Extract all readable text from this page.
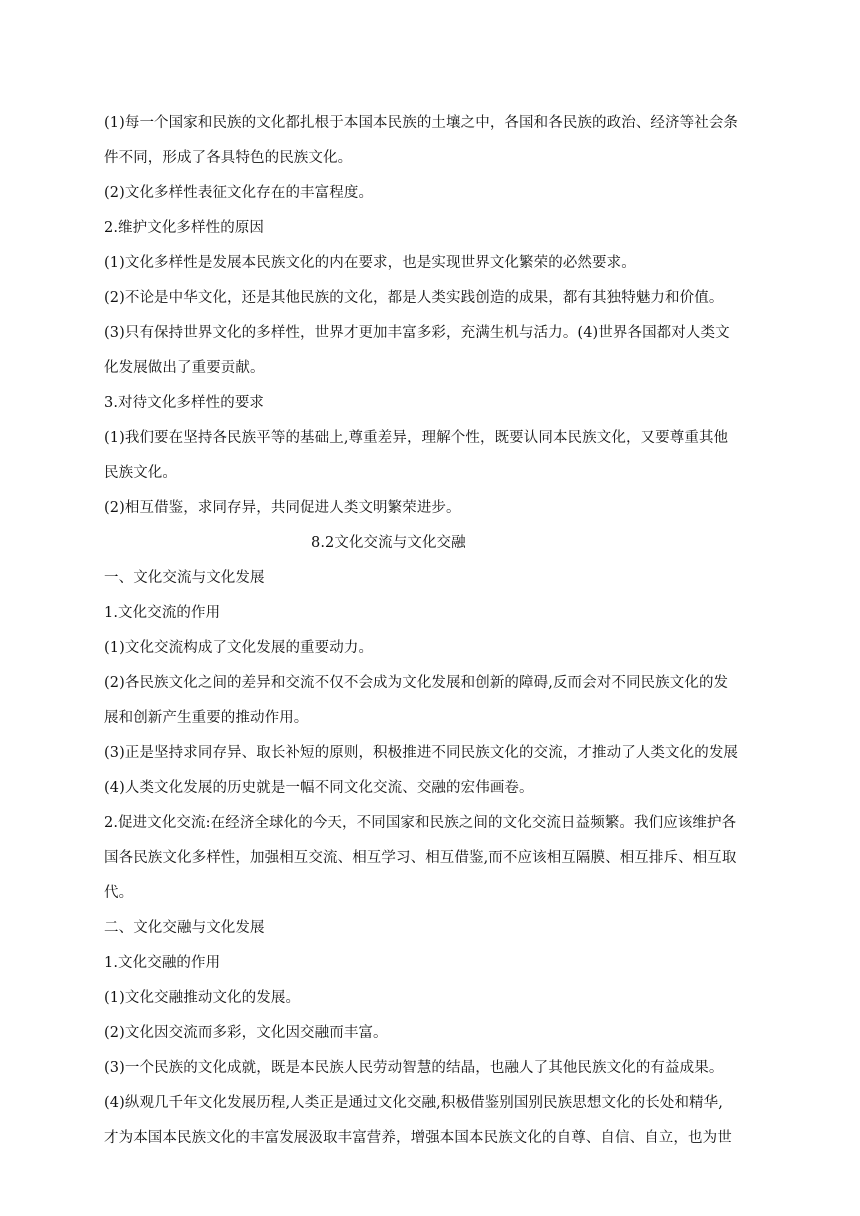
(1)每一个国家和民族的文化都扎根于本国本民族的土壤之中，各国和各民族的政治、经济等社会条
件不同，形成了各具特色的民族文化。
(2)文化多样性表征文化存在的丰富程度。
2.维护文化多样性的原因
(1)文化多样性是发展本民族文化的内在要求，也是实现世界文化繁荣的必然要求。
(2)不论是中华文化，还是其他民族的文化，都是人类实践创造的成果，都有其独特魅力和价值。
(3)只有保持世界文化的多样性，世界才更加丰富多彩，充满生机与活力。(4)世界各国都对人类文
化发展做出了重要贡献。
3.对待文化多样性的要求
(1)我们要在坚持各民族平等的基础上,尊重差异，理解个性，既要认同本民族文化，又要尊重其他
民族文化。
(2)相互借鉴，求同存异，共同促进人类文明繁荣进步。
8.2文化交流与文化交融
一、文化交流与文化发展
1.文化交流的作用
(1)文化交流构成了文化发展的重要动力。
(2)各民族文化之间的差异和交流不仅不会成为文化发展和创新的障碍,反而会对不同民族文化的发
展和创新产生重要的推动作用。
(3)正是坚持求同存异、取长补短的原则，积极推进不同民族文化的交流，才推动了人类文化的发展
(4)人类文化发展的历史就是一幅不同文化交流、交融的宏伟画卷。
2.促进文化交流:在经济全球化的今天，不同国家和民族之间的文化交流日益频繁。我们应该维护各
国各民族文化多样性，加强相互交流、相互学习、相互借鉴,而不应该相互隔膜、相互排斥、相互取
代。
二、文化交融与文化发展
1.文化交融的作用
(1)文化交融推动文化的发展。
(2)文化因交流而多彩，文化因交融而丰富。
(3)一个民族的文化成就，既是本民族人民劳动智慧的结晶，也融人了其他民族文化的有益成果。
(4)纵观几千年文化发展历程,人类正是通过文化交融,积极借鉴别国别民族思想文化的长处和精华,
才为本国本民族文化的丰富发展汲取丰富营养，增强本国本民族文化的自尊、自信、自立，也为世
